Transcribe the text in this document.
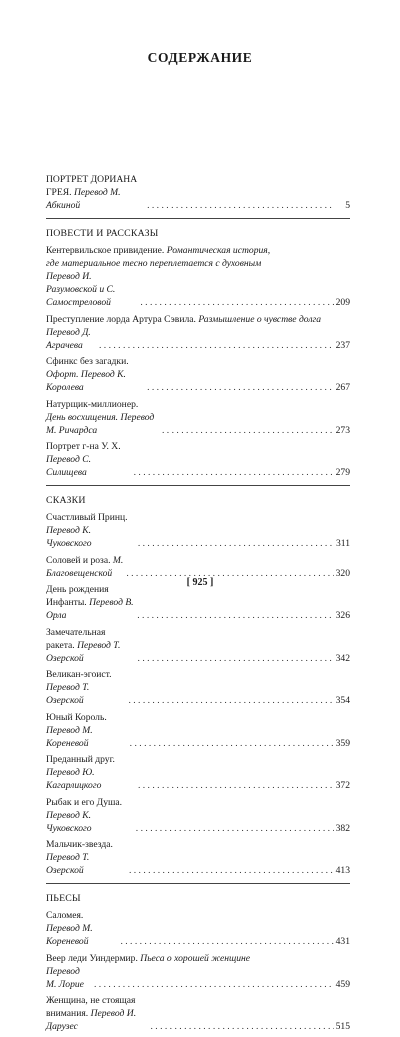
СОДЕРЖАНИЕ
ПОРТРЕТ ДОРИАНА ГРЕЯ. Перевод М. Абкиной . . .	5
ПОВЕСТИ И РАССКАЗЫ
Кентервильское привидение. Романтическая история,
где материальное тесно переплетается с духовным
Перевод И. Разумовской и С. Самостреловой . . .	209
Преступление лорда Артура Сэвила. Размышление о чувстве долга
Перевод Д. Аграчева . . .	237
Сфинкс без загадки. Офорт. Перевод К. Королева . . .	267
Натурщик-миллионер. День восхищения. Перевод М. Ричардса . . .	273
Портрет г-на У. Х. Перевод С. Силищева . . .	279
СКАЗКИ
Счастливый Принц. Перевод К. Чуковского . . .	311
Соловей и роза. М. Благовещенской . . .	320
День рождения Инфанты. Перевод В. Орла . . .	326
Замечательная ракета. Перевод Т. Озерской . . .	342
Великан-эгоист. Перевод Т. Озерской . . .	354
Юный Король. Перевод М. Кореневой . . .	359
Преданный друг. Перевод Ю. Кагарлицкого . . .	372
Рыбак и его Душа. Перевод К. Чуковского . . .	382
Мальчик-звезда. Перевод Т. Озерской . . .	413
ПЬЕСЫ
Саломея. Перевод М. Кореневой . . .	431
Веер леди Уиндермир. Пьеса о хорошей женщине
Перевод М. Лорие . . .	459
Женщина, не стоящая внимания. Перевод И. Дарузес . . .	515
[ 925 ]
